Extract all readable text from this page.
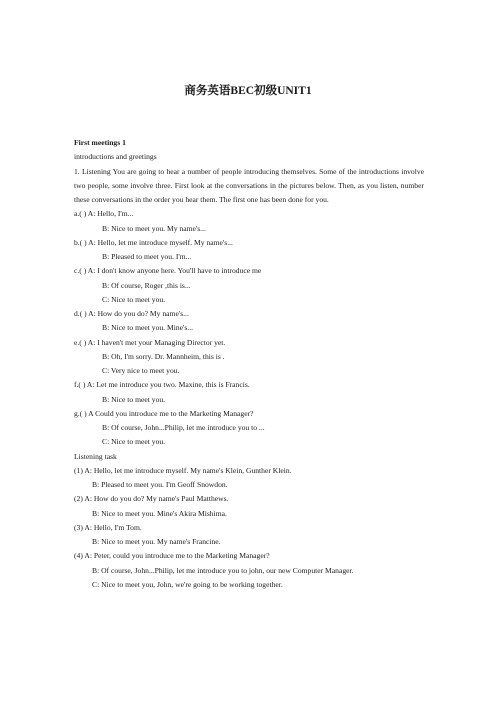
商务英语BEC初级UNIT1
First meetings 1
introductions and greetings
1. Listening You are going to hear a number of people introducing themselves. Some of the introductions involve two people, some involve three. First look at the conversations in the pictures below. Then, as you listen, number these conversations in the order you hear them. The first one has been done for you.
a.( ) A: Hello, I'm...
B: Nice to meet you. My name's...
b.( ) A: Hello, let me introduce myself. My name's...
B: Pleased to meet you. I'm...
c.( ) A: I don't know anyone here. You'll have to introduce me
B: Of course, Roger ,this is...
C: Nice to meet you.
d.( ) A: How do you do? My name's...
B: Nice to meet you. Mine's...
e.( ) A: I haven't met your Managing Director yet.
B: Oh, I'm sorry. Dr. Mannheim, this is .
C: Very nice to meet you.
f.( ) A: Let me introduce you two. Maxine, this is Francis.
B: Nice to meet you.
g.( ) A Could you introduce me to the Marketing Manager?
B: Of course, John...Philip, let me introduce you to ...
C: Nice to meet you.
Listening task
(1) A: Hello, let me introduce myself. My name's Klein, Gunther Klein.
B: Pleased to meet you. I'm Geoff Snowdon.
(2) A: How do you do? My name's Paul Matthews.
B: Nice to meet you. Mine's Akira Mishima.
(3) A: Hello, I'm Tom.
B: Nice to meet you. My name's Francine.
(4) A: Peter, could you introduce me to the Marketing Manager?
B: Of course, John...Philip, let me introduce you to john, our new Computer Manager.
C: Nice to meet you, John, we're going to be working together.
